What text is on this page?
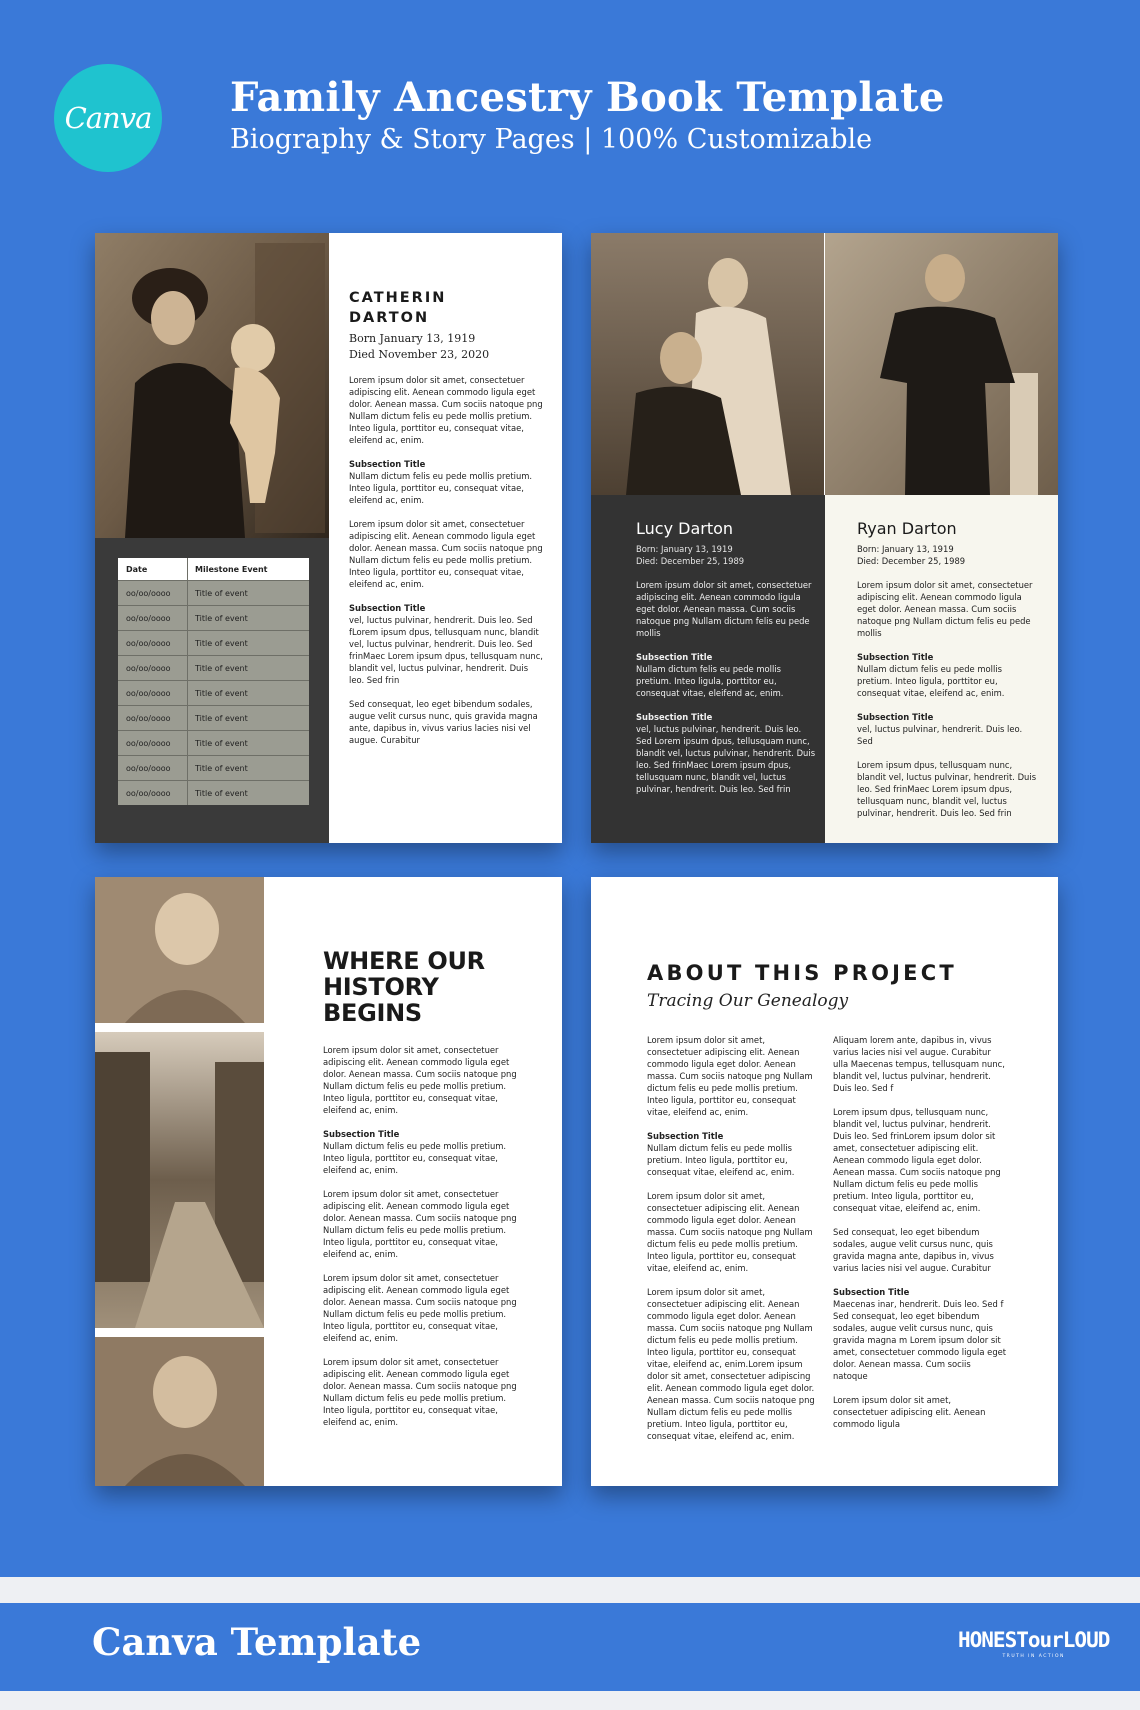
Canva Family Ancestry Book Template
Biography & Story Pages | 100% Customizable
Date	Milestone Event
oo/oo/oooo	Title of event
oo/oo/oooo	Title of event
oo/oo/oooo	Title of event
oo/oo/oooo	Title of event
oo/oo/oooo	Title of event
oo/oo/oooo	Title of event
oo/oo/oooo	Title of event
oo/oo/oooo	Title of event
oo/oo/oooo	Title of event
CATHERIN
DARTON
Born January 13, 1919
Died November 23, 2020

Lorem ipsum dolor sit amet, consectetuer adipiscing elit. Aenean commodo ligula eget dolor. Aenean massa. Cum sociis natoque png Nullam dictum felis eu pede mollis pretium. Inteo ligula, porttitor eu, consequat vitae, eleifend ac, enim.

Subsection Title

Nullam dictum felis eu pede mollis pretium. Inteo ligula, porttitor eu, consequat vitae, eleifend ac, enim.

Lorem ipsum dolor sit amet, consectetuer adipiscing elit. Aenean commodo ligula eget dolor. Aenean massa. Cum sociis natoque png Nullam dictum felis eu pede mollis pretium. Inteo ligula, porttitor eu, consequat vitae, eleifend ac, enim.

Subsection Title

vel, luctus pulvinar, hendrerit. Duis leo. Sed fLorem ipsum dpus, tellusquam nunc, blandit vel, luctus pulvinar, hendrerit. Duis leo. Sed frinMaec Lorem ipsum dpus, tellusquam nunc, blandit vel, luctus pulvinar, hendrerit. Duis leo. Sed frin

Sed consequat, leo eget bibendum sodales, augue velit cursus nunc, quis gravida magna ante, dapibus in, vivus varius lacies nisi vel augue. Curabitur

Lucy Darton
Born: January 13, 1919
Died: December 25, 1989

Lorem ipsum dolor sit amet, consectetuer adipiscing elit. Aenean commodo ligula eget dolor. Aenean massa. Cum sociis natoque png Nullam dictum felis eu pede mollis

Subsection Title

Nullam dictum felis eu pede mollis pretium. Inteo ligula, porttitor eu, consequat vitae, eleifend ac, enim.

Subsection Title

vel, luctus pulvinar, hendrerit. Duis leo. Sed Lorem ipsum dpus, tellusquam nunc, blandit vel, luctus pulvinar, hendrerit. Duis leo. Sed frinMaec Lorem ipsum dpus, tellusquam nunc, blandit vel, luctus pulvinar, hendrerit. Duis leo. Sed frin

Ryan Darton
Born: January 13, 1919
Died: December 25, 1989

Lorem ipsum dolor sit amet, consectetuer adipiscing elit. Aenean commodo ligula eget dolor. Aenean massa. Cum sociis natoque png Nullam dictum felis eu pede mollis

Subsection Title

Nullam dictum felis eu pede mollis pretium. Inteo ligula, porttitor eu, consequat vitae, eleifend ac, enim.

Subsection Title

vel, luctus pulvinar, hendrerit. Duis leo. Sed

Lorem ipsum dpus, tellusquam nunc, blandit vel, luctus pulvinar, hendrerit. Duis leo. Sed frinMaec Lorem ipsum dpus, tellusquam nunc, blandit vel, luctus pulvinar, hendrerit. Duis leo. Sed frin

WHERE OUR
HISTORY
BEGINS

Lorem ipsum dolor sit amet, consectetuer adipiscing elit. Aenean commodo ligula eget dolor. Aenean massa. Cum sociis natoque png Nullam dictum felis eu pede mollis pretium. Inteo ligula, porttitor eu, consequat vitae, eleifend ac, enim.

Subsection Title

Nullam dictum felis eu pede mollis pretium. Inteo ligula, porttitor eu, consequat vitae, eleifend ac, enim.

Lorem ipsum dolor sit amet, consectetuer adipiscing elit. Aenean commodo ligula eget dolor. Aenean massa. Cum sociis natoque png Nullam dictum felis eu pede mollis pretium. Inteo ligula, porttitor eu, consequat vitae, eleifend ac, enim.

Lorem ipsum dolor sit amet, consectetuer adipiscing elit. Aenean commodo ligula eget dolor. Aenean massa. Cum sociis natoque png Nullam dictum felis eu pede mollis pretium. Inteo ligula, porttitor eu, consequat vitae, eleifend ac, enim.

Lorem ipsum dolor sit amet, consectetuer adipiscing elit. Aenean commodo ligula eget dolor. Aenean massa. Cum sociis natoque png Nullam dictum felis eu pede mollis pretium. Inteo ligula, porttitor eu, consequat vitae, eleifend ac, enim.

ABOUT THIS PROJECT
Tracing Our Genealogy

Lorem ipsum dolor sit amet, consectetuer adipiscing elit. Aenean commodo ligula eget dolor. Aenean massa. Cum sociis natoque png Nullam dictum felis eu pede mollis pretium. Inteo ligula, porttitor eu, consequat vitae, eleifend ac, enim.

Subsection Title

Nullam dictum felis eu pede mollis pretium. Inteo ligula, porttitor eu, consequat vitae, eleifend ac, enim.

Lorem ipsum dolor sit amet, consectetuer adipiscing elit. Aenean commodo ligula eget dolor. Aenean massa. Cum sociis natoque png Nullam dictum felis eu pede mollis pretium. Inteo ligula, porttitor eu, consequat vitae, eleifend ac, enim.

Lorem ipsum dolor sit amet, consectetuer adipiscing elit. Aenean commodo ligula eget dolor. Aenean massa. Cum sociis natoque png Nullam dictum felis eu pede mollis pretium. Inteo ligula, porttitor eu, consequat vitae, eleifend ac, enim.Lorem ipsum dolor sit amet, consectetuer adipiscing elit. Aenean commodo ligula eget dolor. Aenean massa. Cum sociis natoque png Nullam dictum felis eu pede mollis pretium. Inteo ligula, porttitor eu, consequat vitae, eleifend ac, enim.

Aliquam lorem ante, dapibus in, vivus varius lacies nisi vel augue. Curabitur ulla Maecenas tempus, tellusquam nunc, blandit vel, luctus pulvinar, hendrerit. Duis leo. Sed f

Lorem ipsum dpus, tellusquam nunc, blandit vel, luctus pulvinar, hendrerit. Duis leo. Sed frinLorem ipsum dolor sit amet, consectetuer adipiscing elit. Aenean commodo ligula eget dolor. Aenean massa. Cum sociis natoque png Nullam dictum felis eu pede mollis pretium. Inteo ligula, porttitor eu, consequat vitae, eleifend ac, enim.

Sed consequat, leo eget bibendum sodales, augue velit cursus nunc, quis gravida magna ante, dapibus in, vivus varius lacies nisi vel augue. Curabitur

Subsection Title

Maecenas inar, hendrerit. Duis leo. Sed f Sed consequat, leo eget bibendum sodales, augue velit cursus nunc, quis gravida magna m Lorem ipsum dolor sit amet, consectetuer commodo ligula eget dolor. Aenean massa. Cum sociis natoque

Lorem ipsum dolor sit amet, consectetuer adipiscing elit. Aenean commodo ligula

Canva Template	HONESTourLOUD
TRUTH IN ACTION
